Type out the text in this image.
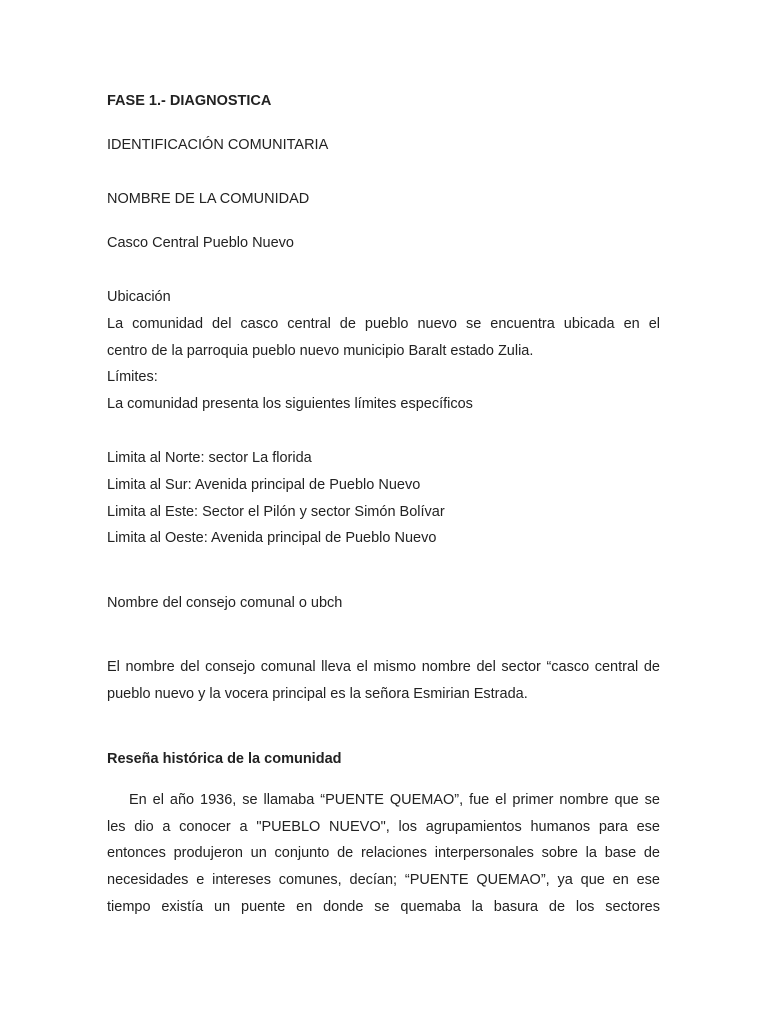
FASE 1.- DIAGNOSTICA

IDENTIFICACIÓN COMUNITARIA

NOMBRE DE LA COMUNIDAD

Casco Central Pueblo Nuevo

Ubicación

La comunidad del casco central de pueblo nuevo se encuentra ubicada en el

centro de la parroquia pueblo nuevo municipio Baralt estado Zulia.

Límites:

La comunidad presenta los siguientes límites específicos

Limita al Norte: sector La florida

Limita al Sur: Avenida principal de Pueblo Nuevo

Limita al Este: Sector el Pilón y sector Simón Bolívar

Limita al Oeste: Avenida principal de Pueblo Nuevo

Nombre del consejo comunal o ubch

El nombre del consejo comunal lleva el mismo nombre del sector “casco central de

pueblo nuevo y la vocera principal es la señora Esmirian Estrada.

Reseña histórica de la comunidad

En el año 1936, se llamaba “PUENTE QUEMAO”, fue el primer nombre que se

les dio a conocer a "PUEBLO NUEVO", los agrupamientos humanos para ese

entonces produjeron un conjunto de relaciones interpersonales sobre la base de

necesidades e intereses comunes, decían; “PUENTE QUEMAO”, ya que en ese

tiempo existía un puente en donde se quemaba la basura de los sectores
